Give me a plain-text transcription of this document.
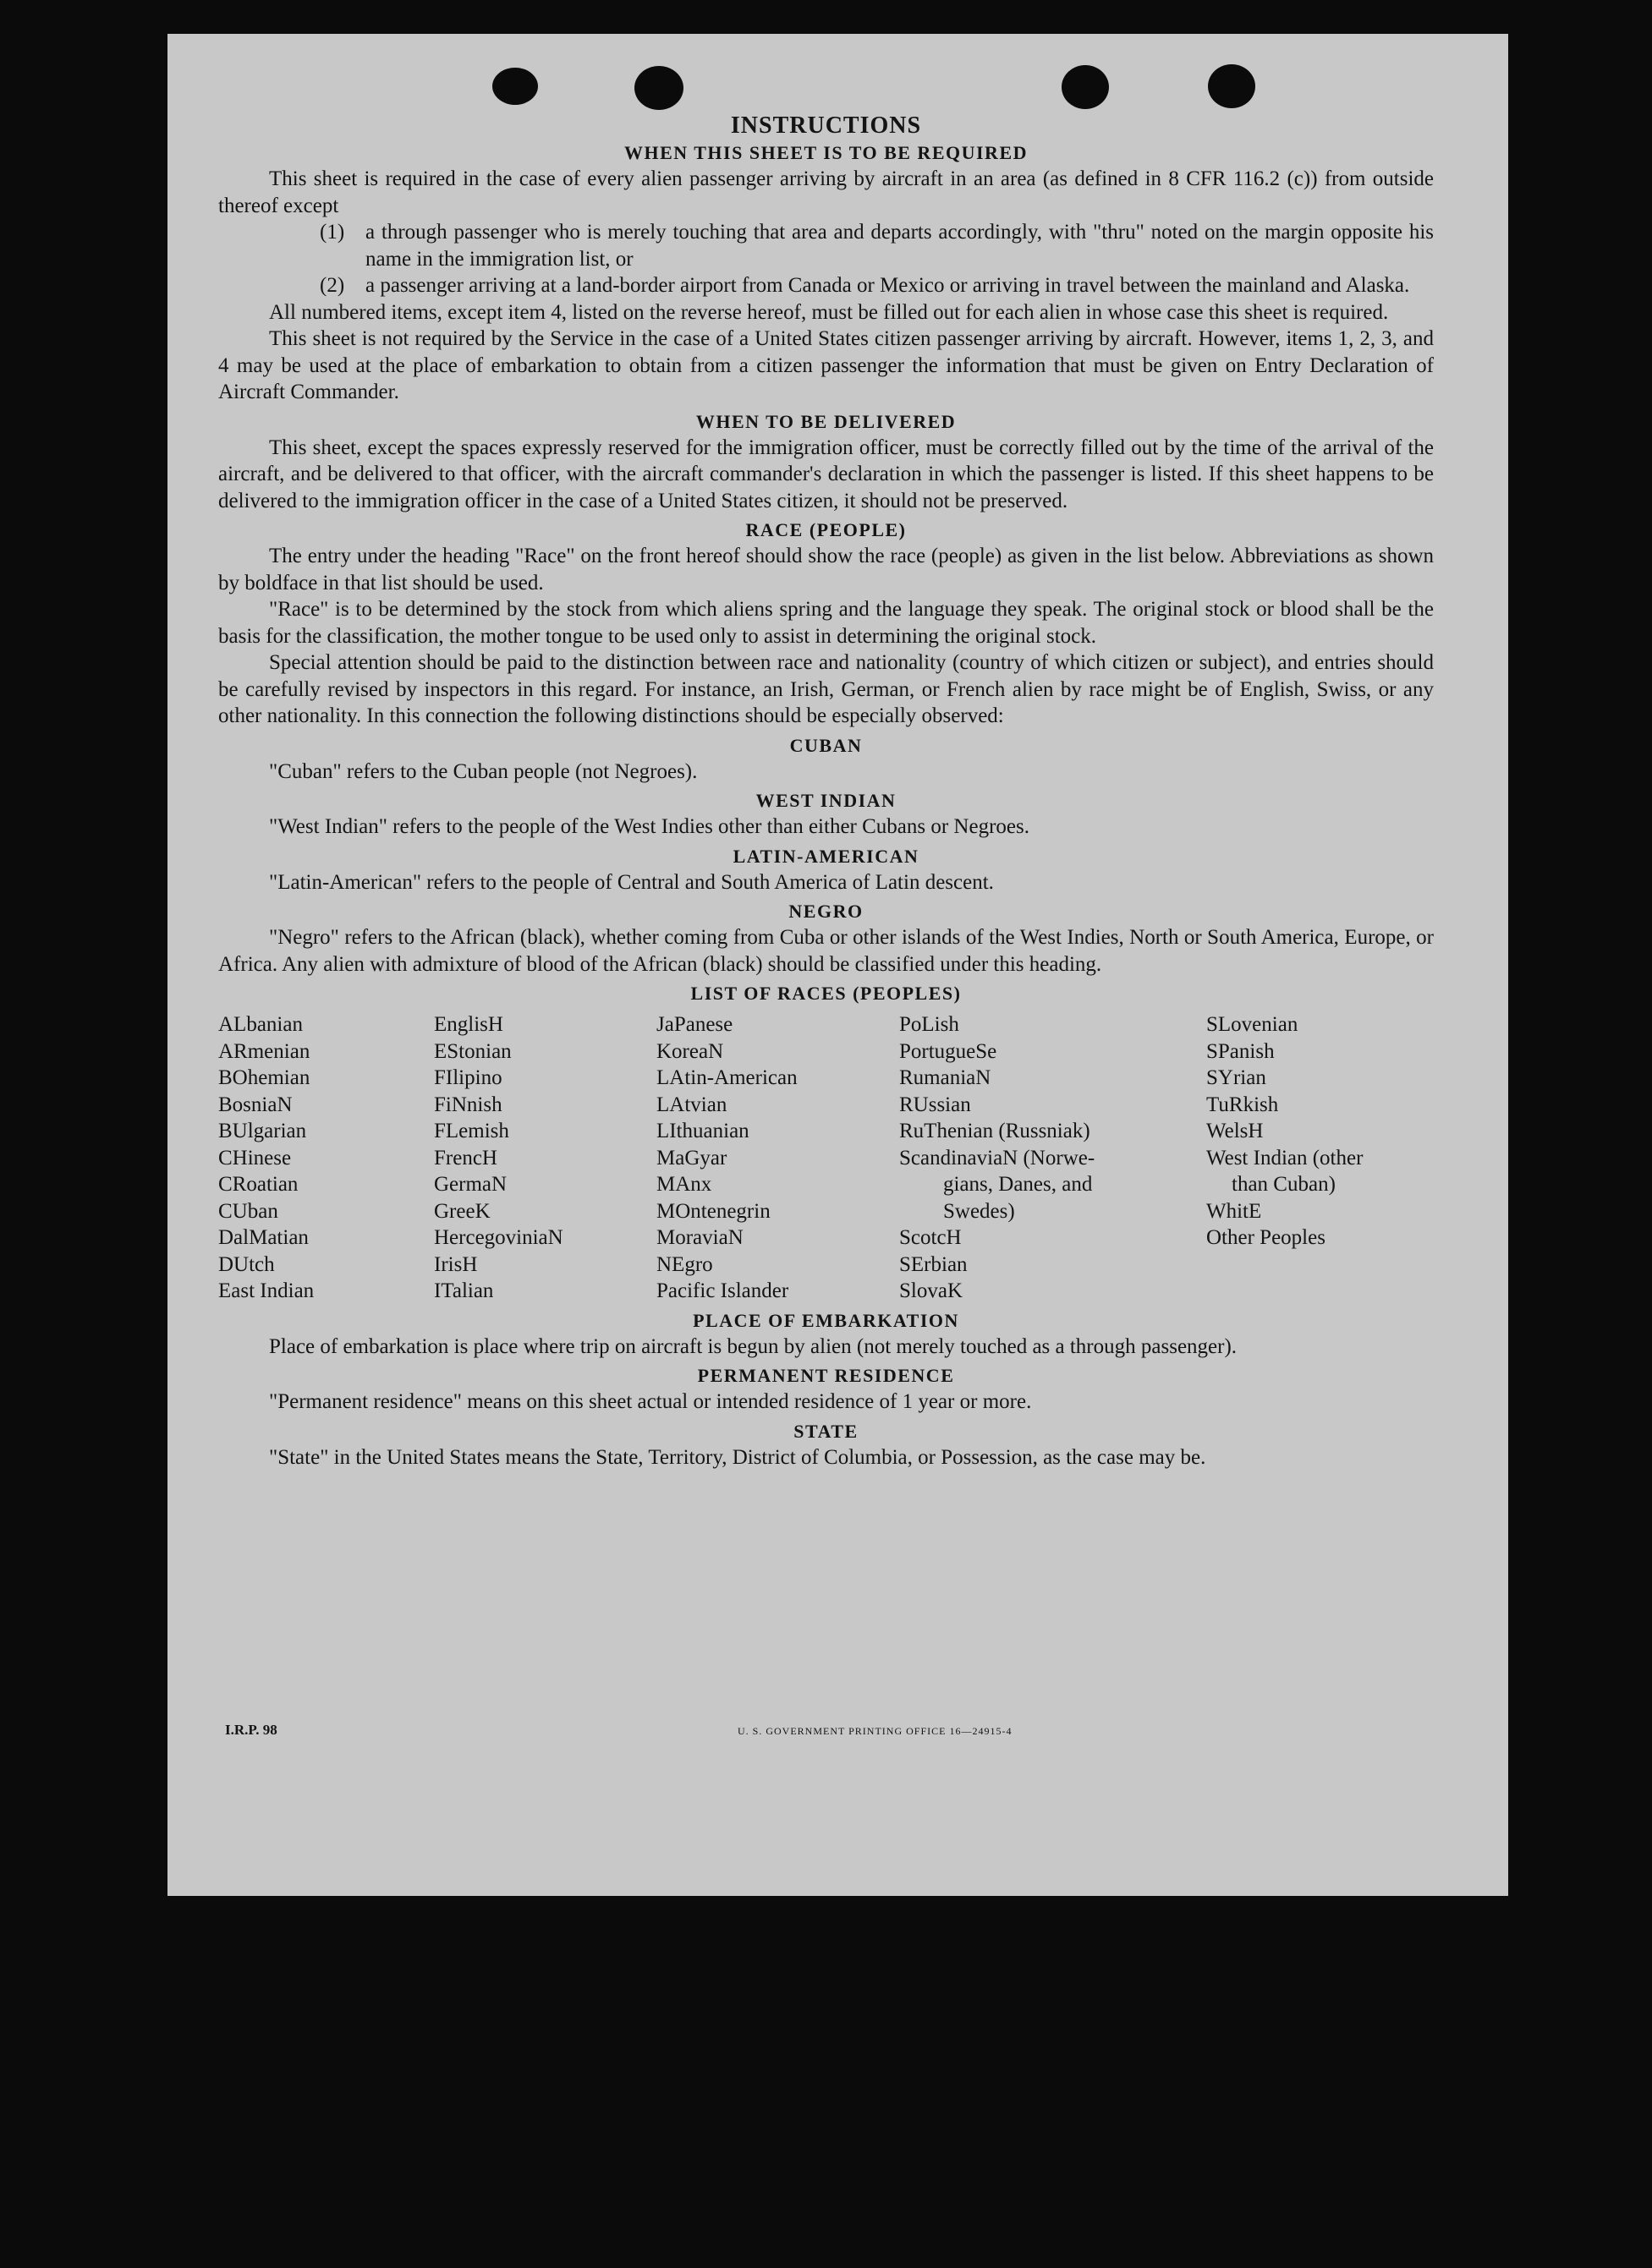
INSTRUCTIONS
WHEN THIS SHEET IS TO BE REQUIRED

This sheet is required in the case of every alien passenger arriving by aircraft in an area (as defined in 8 CFR 116.2 (c)) from outside thereof except

(1) a through passenger who is merely touching that area and departs accordingly, with "thru" noted on the margin opposite his name in the immigration list, or
(2) a passenger arriving at a land-border airport from Canada or Mexico or arriving in travel between the mainland and Alaska.

All numbered items, except item 4, listed on the reverse hereof, must be filled out for each alien in whose case this sheet is required.

This sheet is not required by the Service in the case of a United States citizen passenger arriving by aircraft. However, items 1, 2, 3, and 4 may be used at the place of embarkation to obtain from a citizen passenger the information that must be given on Entry Declaration of Aircraft Commander.

WHEN TO BE DELIVERED

This sheet, except the spaces expressly reserved for the immigration officer, must be correctly filled out by the time of the arrival of the aircraft, and be delivered to that officer, with the aircraft commander's declaration in which the passenger is listed. If this sheet happens to be delivered to the immigration officer in the case of a United States citizen, it should not be preserved.

RACE (PEOPLE)

The entry under the heading "Race" on the front hereof should show the race (people) as given in the list below. Abbreviations as shown by boldface in that list should be used.

"Race" is to be determined by the stock from which aliens spring and the language they speak. The original stock or blood shall be the basis for the classification, the mother tongue to be used only to assist in determining the original stock.

Special attention should be paid to the distinction between race and nationality (country of which citizen or subject), and entries should be carefully revised by inspectors in this regard. For instance, an Irish, German, or French alien by race might be of English, Swiss, or any other nationality. In this connection the following distinctions should be especially observed:

CUBAN

"Cuban" refers to the Cuban people (not Negroes).

WEST INDIAN

"West Indian" refers to the people of the West Indies other than either Cubans or Negroes.

LATIN-AMERICAN

"Latin-American" refers to the people of Central and South America of Latin descent.

NEGRO

"Negro" refers to the African (black), whether coming from Cuba or other islands of the West Indies, North or South America, Europe, or Africa. Any alien with admixture of blood of the African (black) should be classified under this heading.

LIST OF RACES (PEOPLES)
ALbanian
ARmenian
BOhemian
BosniaN
BUlgarian
CHinese
CRoatian
CUban
DalMatian
DUtch
East Indian
EnglisH
EStonian
FIlipino
FiNnish
FLemish
FrencH
GermaN
GreeK
HercegoviniaN
IrisH
ITalian
JaPanese
KoreaN
LAtin-American
LAtvian
LIthuanian
MaGyar
MAnx
MOntenegrin
MoraviaN
NEgro
Pacific Islander
PoLish
PortugueSe
RumaniaN
RUssian
RuThenian (Russniak)
ScandinaviaN (Norwe-
gians, Danes, and
Swedes)
ScotcH
SErbian
SlovaK
SLovenian
SPanish
SYrian
TuRkish
WelsH
West Indian (other
than Cuban)
WhitE
Other Peoples
PLACE OF EMBARKATION

Place of embarkation is place where trip on aircraft is begun by alien (not merely touched as a through passenger).

PERMANENT RESIDENCE

"Permanent residence" means on this sheet actual or intended residence of 1 year or more.

STATE

"State" in the United States means the State, Territory, District of Columbia, or Possession, as the case may be.

I.R.P. 98	U. S. GOVERNMENT PRINTING OFFICE 16—24915-4
